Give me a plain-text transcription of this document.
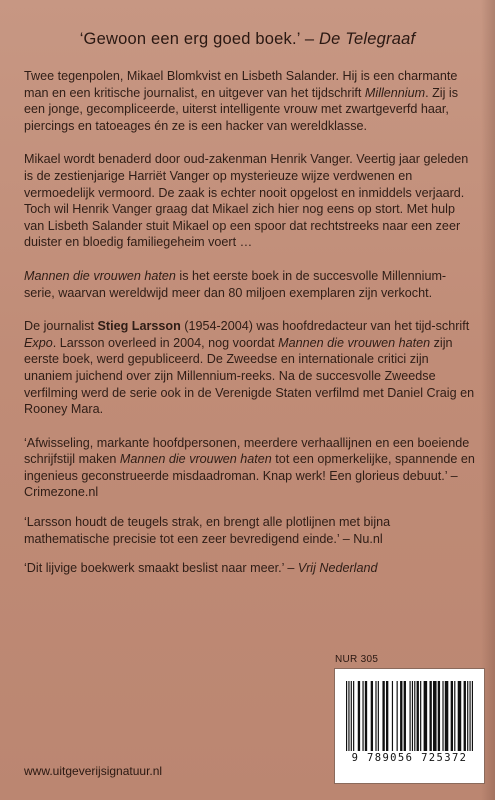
‘Gewoon een erg goed boek.’ – De Telegraaf

Twee tegenpolen, Mikael Blomkvist en Lisbeth Salander. Hij is een charmante man en een kritische journalist, en uitgever van het tijdschrift Millennium. Zij is een jonge, gecompliceerde, uiterst intelligente vrouw met zwartgeverfd haar, piercings en tatoeages én ze is een hacker van wereldklasse.

Mikael wordt benaderd door oud-zakenman Henrik Vanger. Veertig jaar geleden is de zestienjarige Harriët Vanger op mysterieuze wijze verdwenen en vermoedelijk vermoord. De zaak is echter nooit opgelost en inmiddels verjaard. Toch wil Henrik Vanger graag dat Mikael zich hier nog eens op stort. Met hulp van Lisbeth Salander stuit Mikael op een spoor dat rechtstreeks naar een zeer duister en bloedig familiegeheim voert …

Mannen die vrouwen haten is het eerste boek in de succesvolle Millennium-serie, waarvan wereldwijd meer dan 80 miljoen exemplaren zijn verkocht.

De journalist Stieg Larsson (1954-2004) was hoofdredacteur van het tijd-schrift Expo. Larsson overleed in 2004, nog voordat Mannen die vrouwen haten zijn eerste boek, werd gepubliceerd. De Zweedse en internationale critici zijn unaniem juichend over zijn Millennium-reeks. Na de succesvolle Zweedse verfilming werd de serie ook in de Verenigde Staten verfilmd met Daniel Craig en Rooney Mara.

‘Afwisseling, markante hoofdpersonen, meerdere verhaallijnen en een boeiende schrijfstijl maken Mannen die vrouwen haten tot een opmerkelijke, spannende en ingenieus geconstrueerde misdaadroman. Knap werk! Een glorieus debuut.’ – Crimezone.nl

‘Larsson houdt de teugels strak, en brengt alle plotlijnen met bijna mathematische precisie tot een zeer bevredigend einde.’ – Nu.nl

‘Dit lijvige boekwerk smaakt beslist naar meer.’ – Vrij Nederland

NUR 305
9 789056 725372
www.uitgeverijsignatuur.nl
